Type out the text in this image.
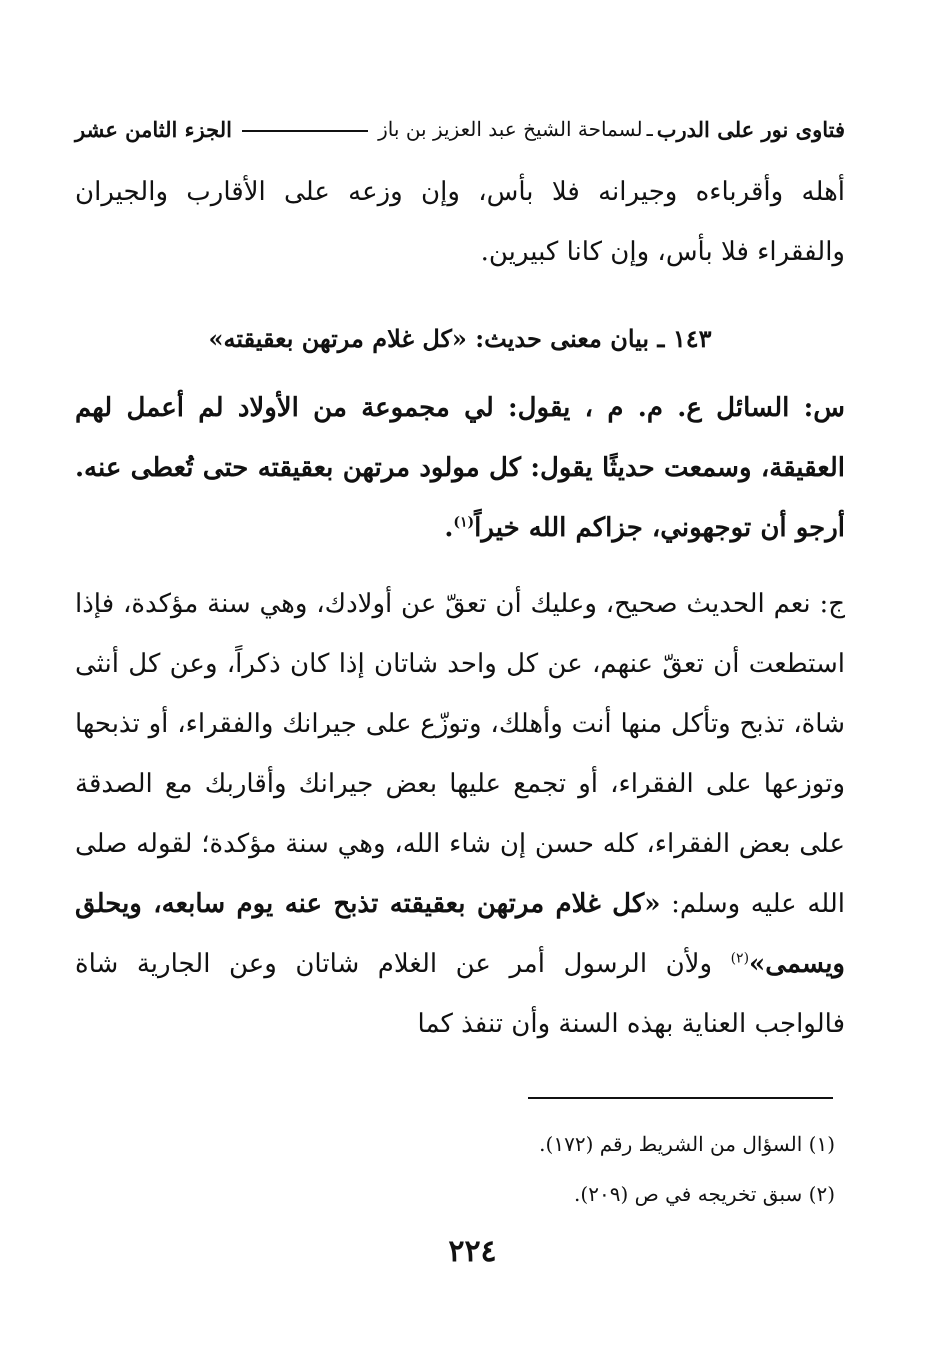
فتاوى نور على الدرب
ـ
لسماحة الشيخ عبد العزيز بن باز
الجزء الثامن عشر

أهله وأقرباءه وجيرانه فلا بأس، وإن وزعه على الأقارب والجيران والفقراء فلا بأس، وإن كانا كبيرين.

١٤٣ ـ بيان معنى حديث: «كل غلام مرتهن بعقيقته»

س: السائل ع. م. م ، يقول: لي مجموعة من الأولاد لم أعمل لهم العقيقة، وسمعت حديثًا يقول: كل مولود مرتهن بعقيقته حتى تُعطى عنه. أرجو أن توجهوني، جزاكم الله خيراً$^{(١)}$.

ج: نعم الحديث صحيح، وعليك أن تعقّ عن أولادك، وهي سنة مؤكدة، فإذا استطعت أن تعقّ عنهم، عن كل واحد شاتان إذا كان ذكراً، وعن كل أنثى شاة، تذبح وتأكل منها أنت وأهلك، وتوزّع على جيرانك والفقراء، أو تذبحها وتوزعها على الفقراء، أو تجمع عليها بعض جيرانك وأقاربك مع الصدقة على بعض الفقراء، كله حسن إن شاء الله، وهي سنة مؤكدة؛ لقوله صلى الله عليه وسلم: «كل غلام مرتهن بعقيقته تذبح عنه يوم سابعه، ويحلق ويسمى»$^{(٢)}$ ولأن الرسول أمر عن الغلام شاتان وعن الجارية شاة فالواجب العناية بهذه السنة وأن تنفذ كما

(١) السؤال من الشريط رقم (١٧٢).

(٢) سبق تخريجه في ص (٢٠٩).

٢٢٤
